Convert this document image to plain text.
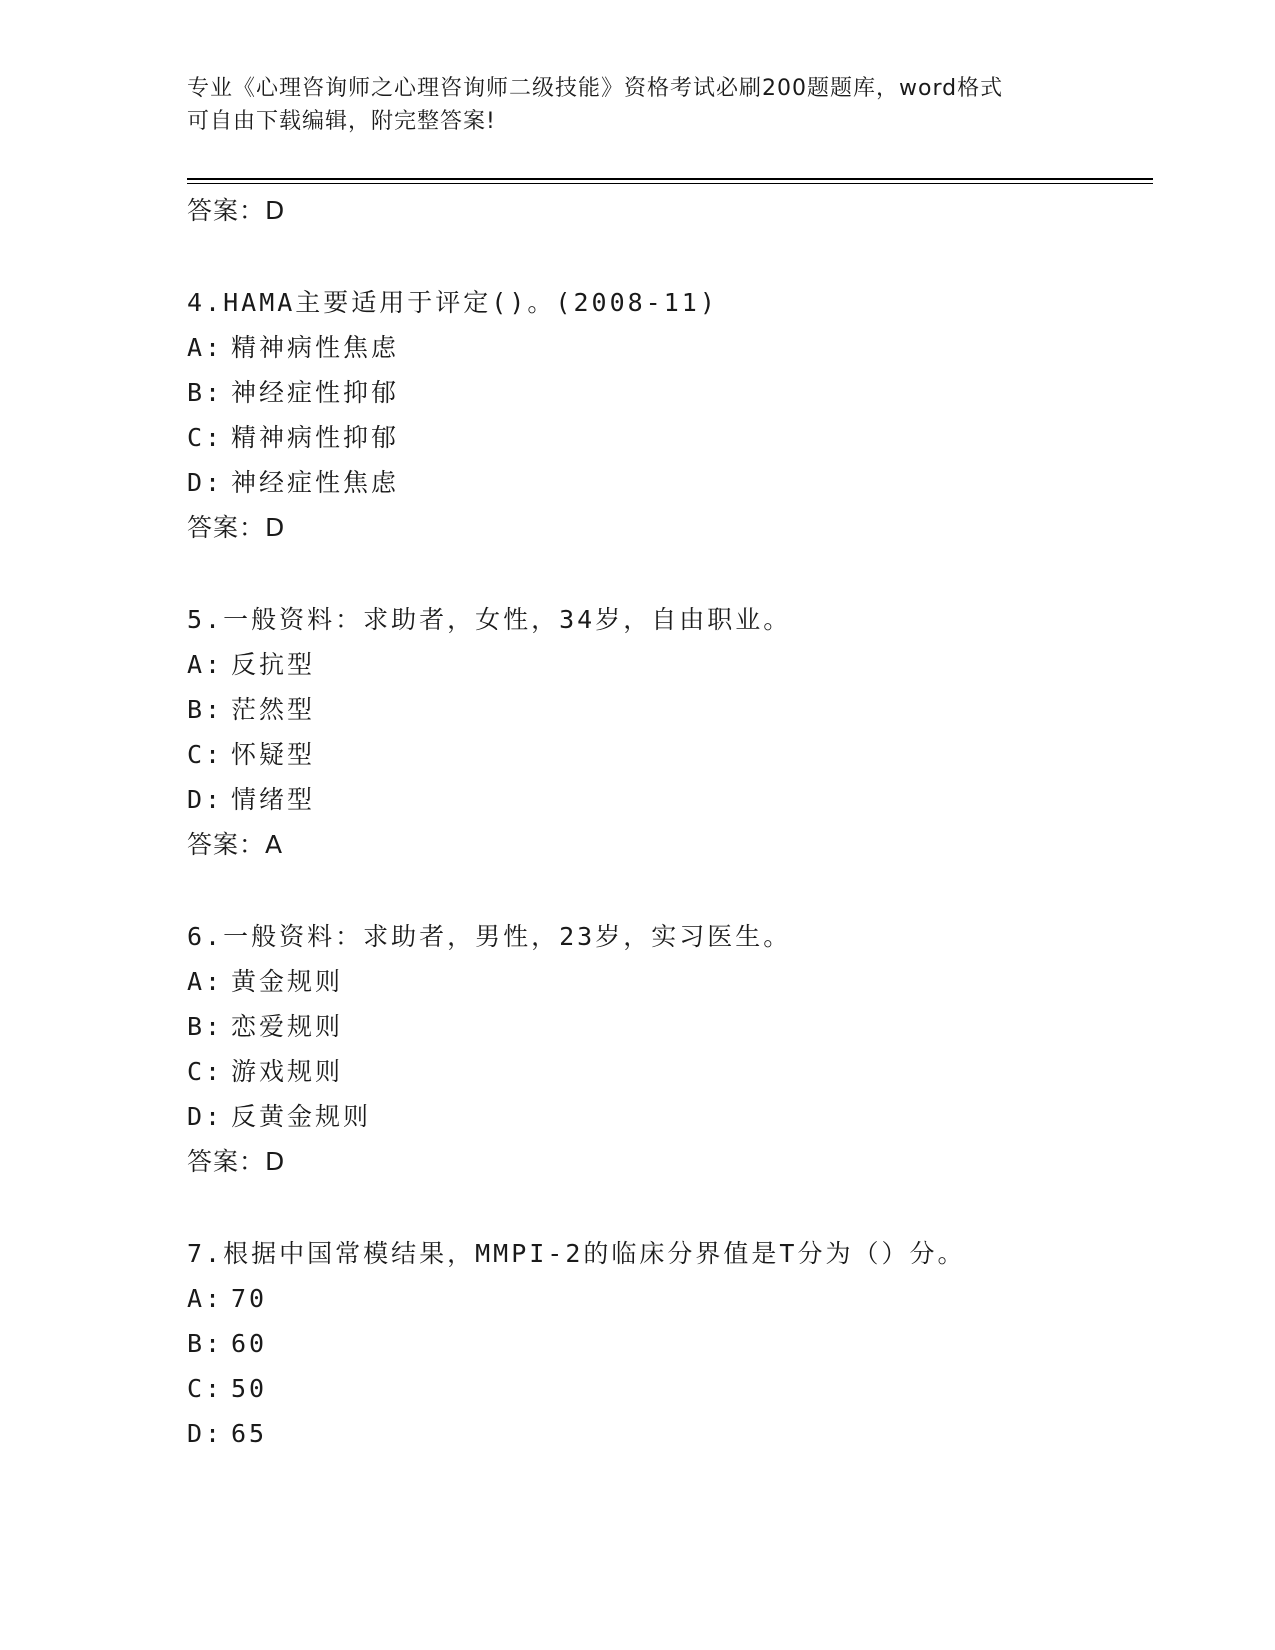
专业《心理咨询师之心理咨询师二级技能》资格考试必刷200题题库，word格式
可自由下载编辑，附完整答案!
答案：D
4.HAMA主要适用于评定()。(2008-11)
A: 精神病性焦虑
B: 神经症性抑郁
C: 精神病性抑郁
D: 神经症性焦虑
答案：D
5.一般资料：求助者，女性，34岁，自由职业。
A: 反抗型
B: 茫然型
C: 怀疑型
D: 情绪型
答案：A
6.一般资料：求助者，男性，23岁，实习医生。
A: 黄金规则
B: 恋爱规则
C: 游戏规则
D: 反黄金规则
答案：D
7.根据中国常模结果，MMPI-2的临床分界值是T分为（）分。
A: 70
B: 60
C: 50
D: 65
